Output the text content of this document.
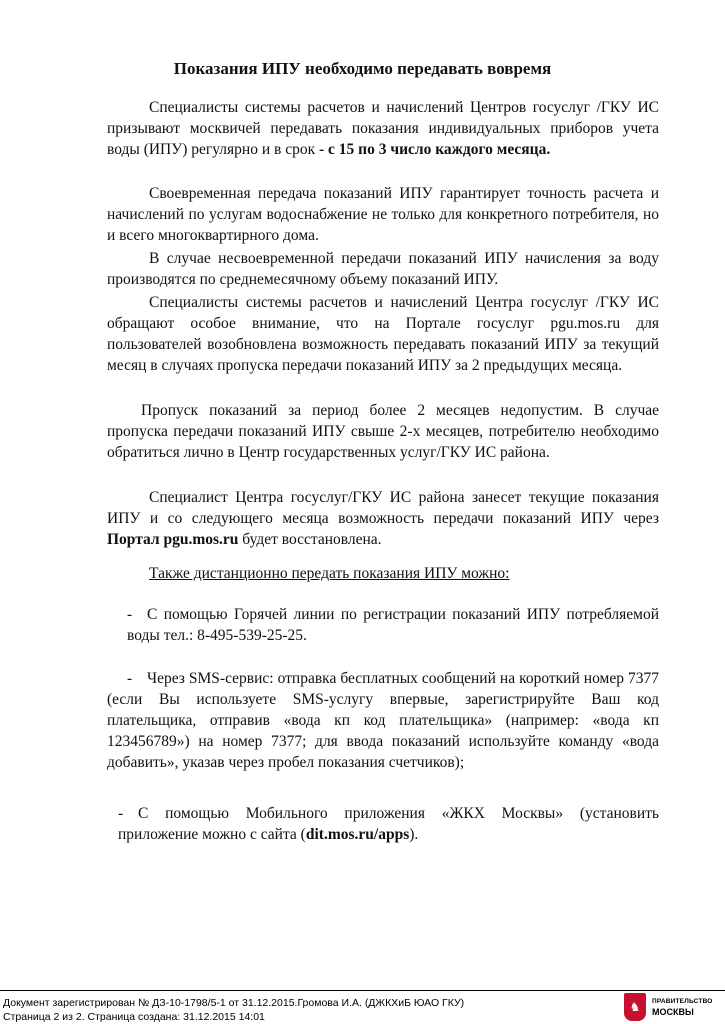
Показания ИПУ необходимо передавать вовремя

Специалисты системы расчетов и начислений Центров госуслуг /ГКУ ИС призывают москвичей передавать показания индивидуальных приборов учета воды (ИПУ) регулярно и в срок - с 15 по 3 число каждого месяца.

Своевременная передача показаний ИПУ гарантирует точность расчета и начислений по услугам водоснабжение не только для конкретного потребителя, но и всего многоквартирного дома.

В случае несвоевременной передачи показаний ИПУ начисления за воду производятся по среднемесячному объему показаний ИПУ.

Специалисты системы расчетов и начислений Центра госуслуг /ГКУ ИС обращают особое внимание, что на Портале госуслуг pgu.mos.ru для пользователей возобновлена возможность передавать показаний ИПУ за текущий месяц в случаях пропуска передачи показаний ИПУ за 2 предыдущих месяца.

Пропуск показаний за период более 2 месяцев недопустим. В случае пропуска передачи показаний ИПУ свыше 2-х месяцев, потребителю необходимо обратиться лично в Центр государственных услуг/ГКУ ИС района.

Специалист Центра госуслуг/ГКУ ИС района занесет текущие показания ИПУ и со следующего месяца возможность передачи показаний ИПУ через Портал pgu.mos.ru будет восстановлена.

Также дистанционно передать показания ИПУ можно:

- С помощью Горячей линии по регистрации показаний ИПУ потребляемой воды тел.: 8-495-539-25-25.

- Через SMS-сервис: отправка бесплатных сообщений на короткий номер 7377 (если Вы используете SMS-услугу впервые, зарегистрируйте Ваш код плательщика, отправив «вода кп код плательщика» (например: «вода кп 123456789») на номер 7377; для ввода показаний используйте команду «вода добавить», указав через пробел показания счетчиков);

- С помощью Мобильного приложения «ЖКХ Москвы» (установить приложение можно с сайта (dit.mos.ru/apps).

Документ зарегистрирован № ДЗ-10-1798/5-1 от 31.12.2015.Громова И.А. (ДЖКХиБ ЮАО ГКУ)
Страница 2 из 2. Страница создана: 31.12.2015 14:01
♞	ПРАВИТЕЛЬСТВО
МОСКВЫ
